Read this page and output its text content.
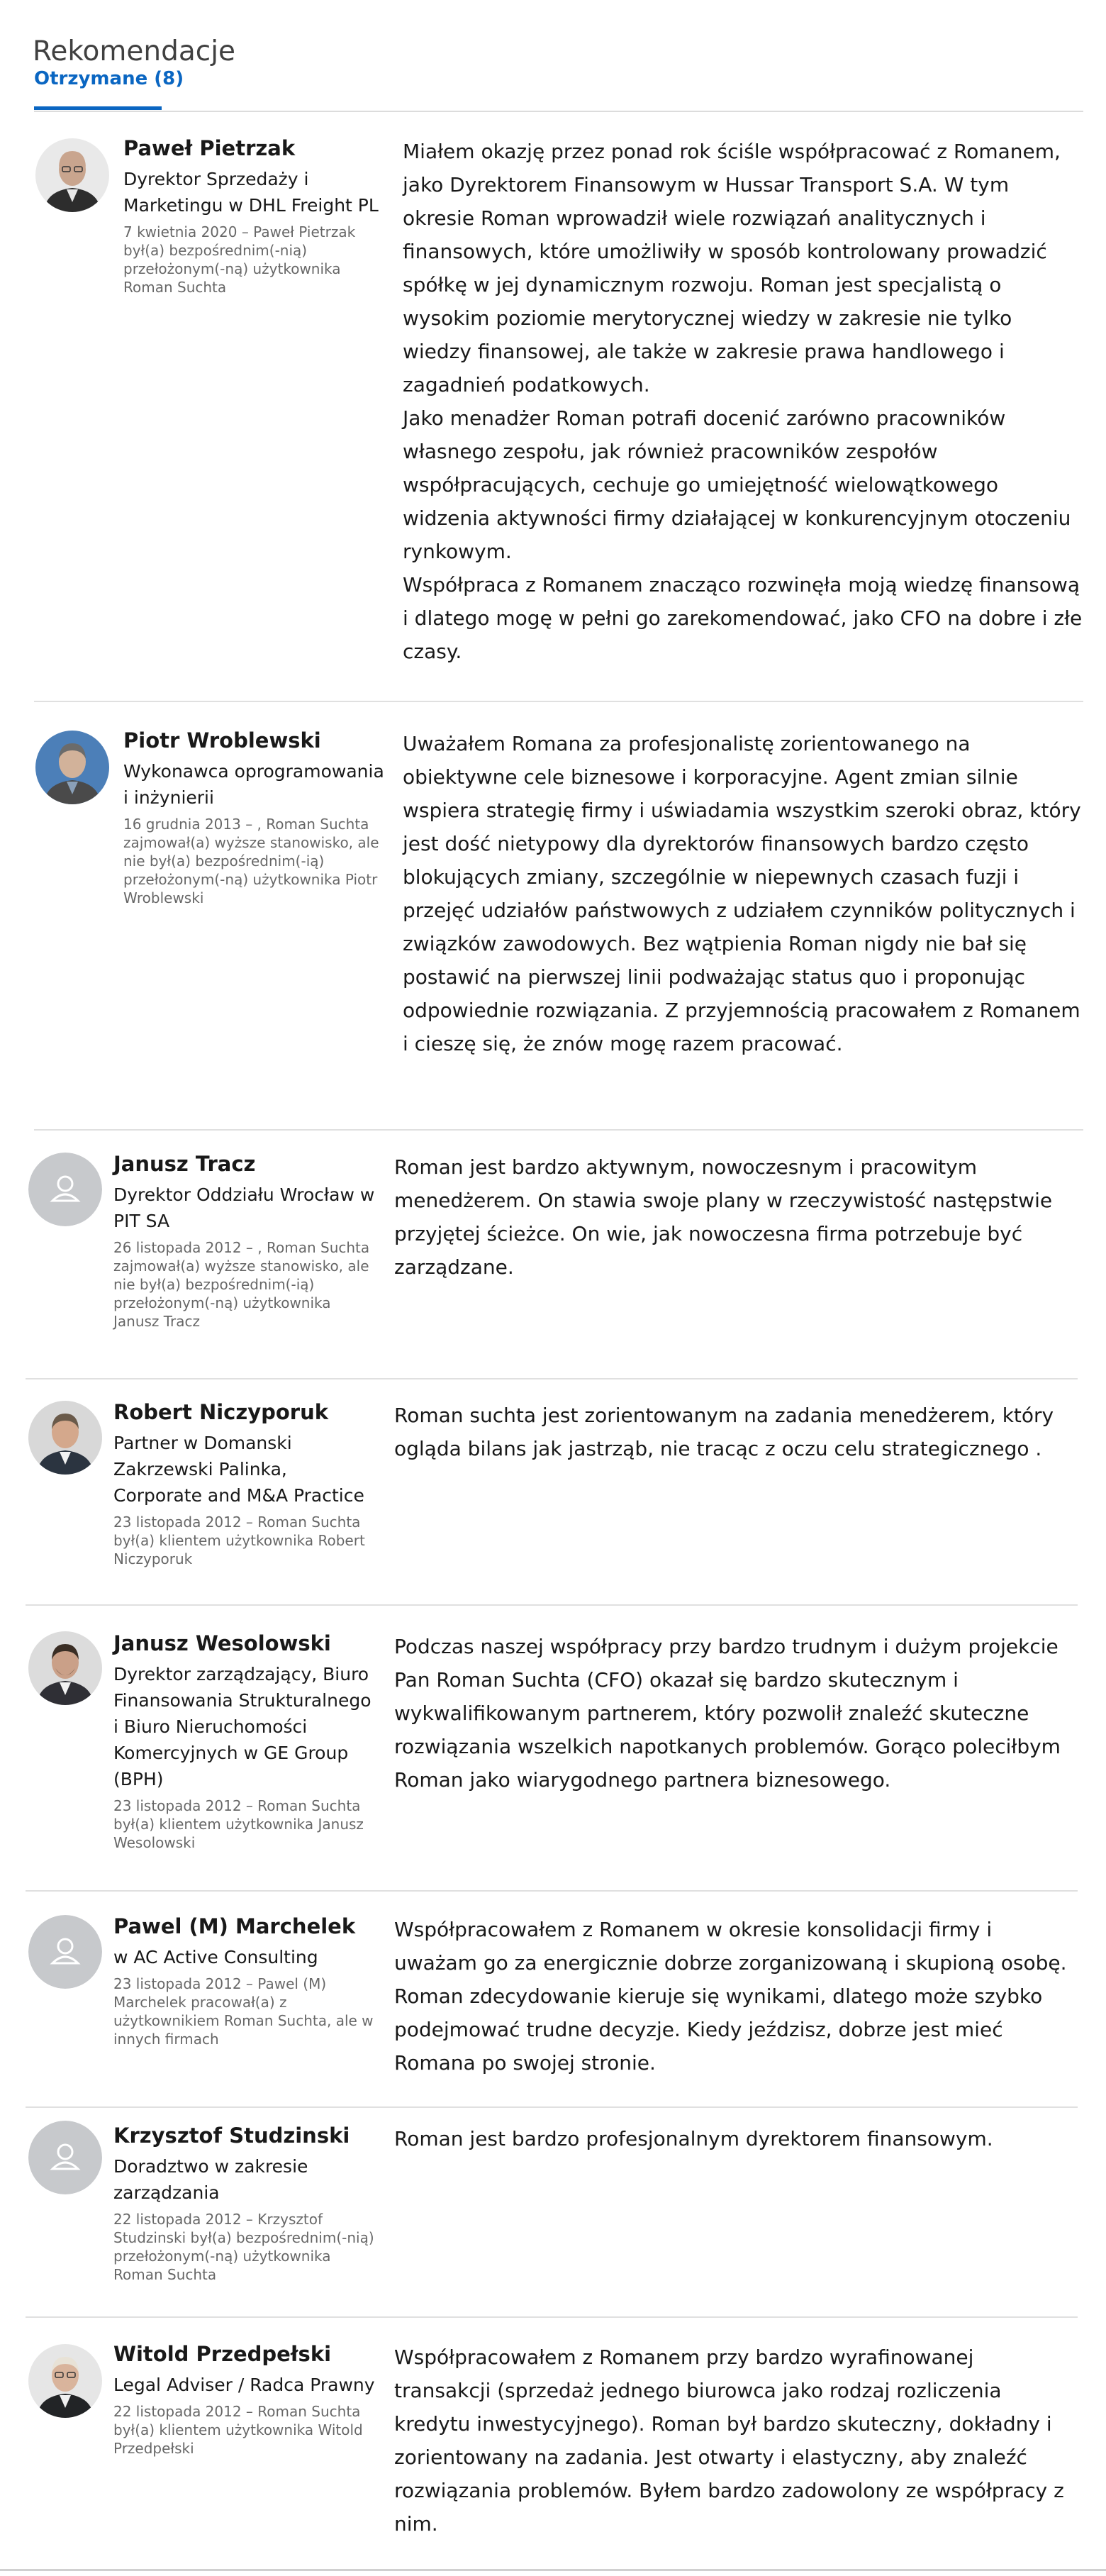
Rekomendacje
Otrzymane (8)
Paweł Pietrzak
Dyrektor Sprzedaży i Marketingu w DHL Freight PL
7 kwietnia 2020 – Paweł Pietrzak był(a) bezpośrednim(-nią) przełożonym(-ną) użytkownika Roman Suchta

Miałem okazję przez ponad rok ściśle współpracować z Romanem, jako Dyrektorem Finansowym w Hussar Transport S.A. W tym okresie Roman wprowadził wiele rozwiązań analitycznych i finansowych, które umożliwiły w sposób kontrolowany prowadzić spółkę w jej dynamicznym rozwoju. Roman jest specjalistą o wysokim poziomie merytorycznej wiedzy w zakresie nie tylko wiedzy finansowej, ale także w zakresie prawa handlowego i zagadnień podatkowych.

Jako menadżer Roman potrafi docenić zarówno pracowników własnego zespołu, jak również pracowników zespołów współpracujących, cechuje go umiejętność wielowątkowego widzenia aktywności firmy działającej w konkurencyjnym otoczeniu rynkowym.

Współpraca z Romanem znacząco rozwinęła moją wiedzę finansową i dlatego mogę w pełni go zarekomendować, jako CFO na dobre i złe czasy.

Piotr Wroblewski
Wykonawca oprogramowania i inżynierii
16 grudnia 2013 – , Roman Suchta zajmował(a) wyższe stanowisko, ale nie był(a) bezpośrednim(-ią) przełożonym(-ną) użytkownika Piotr Wroblewski

Uważałem Romana za profesjonalistę zorientowanego na obiektywne cele biznesowe i korporacyjne. Agent zmian silnie wspiera strategię firmy i uświadamia wszystkim szeroki obraz, który jest dość nietypowy dla dyrektorów finansowych bardzo często blokujących zmiany, szczególnie w niepewnych czasach fuzji i przejęć udziałów państwowych z udziałem czynników politycznych i związków zawodowych. Bez wątpienia Roman nigdy nie bał się postawić na pierwszej linii podważając status quo i proponując odpowiednie rozwiązania. Z przyjemnością pracowałem z Romanem i cieszę się, że znów mogę razem pracować.

Janusz Tracz
Dyrektor Oddziału Wrocław w PIT SA
26 listopada 2012 – , Roman Suchta zajmował(a) wyższe stanowisko, ale nie był(a) bezpośrednim(-ią) przełożonym(-ną) użytkownika Janusz Tracz

Roman jest bardzo aktywnym, nowoczesnym i pracowitym menedżerem. On stawia swoje plany w rzeczywistość następstwie przyjętej ścieżce. On wie, jak nowoczesna firma potrzebuje być zarządzane.

Robert Niczyporuk
Partner w Domanski Zakrzewski Palinka, Corporate and M&A Practice
23 listopada 2012 – Roman Suchta był(a) klientem użytkownika Robert Niczyporuk

Roman suchta jest zorientowanym na zadania menedżerem, który ogląda bilans jak jastrząb, nie tracąc z oczu celu strategicznego .

Janusz Wesolowski
Dyrektor zarządzający, Biuro Finansowania Strukturalnego i Biuro Nieruchomości Komercyjnych w GE Group (BPH)
23 listopada 2012 – Roman Suchta był(a) klientem użytkownika Janusz Wesolowski

Podczas naszej współpracy przy bardzo trudnym i dużym projekcie Pan Roman Suchta (CFO) okazał się bardzo skutecznym i wykwalifikowanym partnerem, który pozwolił znaleźć skuteczne rozwiązania wszelkich napotkanych problemów. Gorąco poleciłbym Roman jako wiarygodnego partnera biznesowego.

Pawel (M) Marchelek
w AC Active Consulting
23 listopada 2012 – Pawel (M) Marchelek pracował(a) z użytkownikiem Roman Suchta, ale w innych firmach

Współpracowałem z Romanem w okresie konsolidacji firmy i uważam go za energicznie dobrze zorganizowaną i skupioną osobę. Roman zdecydowanie kieruje się wynikami, dlatego może szybko podejmować trudne decyzje. Kiedy jeździsz, dobrze jest mieć Romana po swojej stronie.

Krzysztof Studzinski
Doradztwo w zakresie zarządzania
22 listopada 2012 – Krzysztof Studzinski był(a) bezpośrednim(-nią) przełożonym(-ną) użytkownika Roman Suchta

Roman jest bardzo profesjonalnym dyrektorem finansowym.

Witold Przedpełski
Legal Adviser / Radca Prawny
22 listopada 2012 – Roman Suchta był(a) klientem użytkownika Witold Przedpełski

Współpracowałem z Romanem przy bardzo wyrafinowanej transakcji (sprzedaż jednego biurowca jako rodzaj rozliczenia kredytu inwestycyjnego). Roman był bardzo skuteczny, dokładny i zorientowany na zadania. Jest otwarty i elastyczny, aby znaleźć rozwiązania problemów. Byłem bardzo zadowolony ze współpracy z nim.
